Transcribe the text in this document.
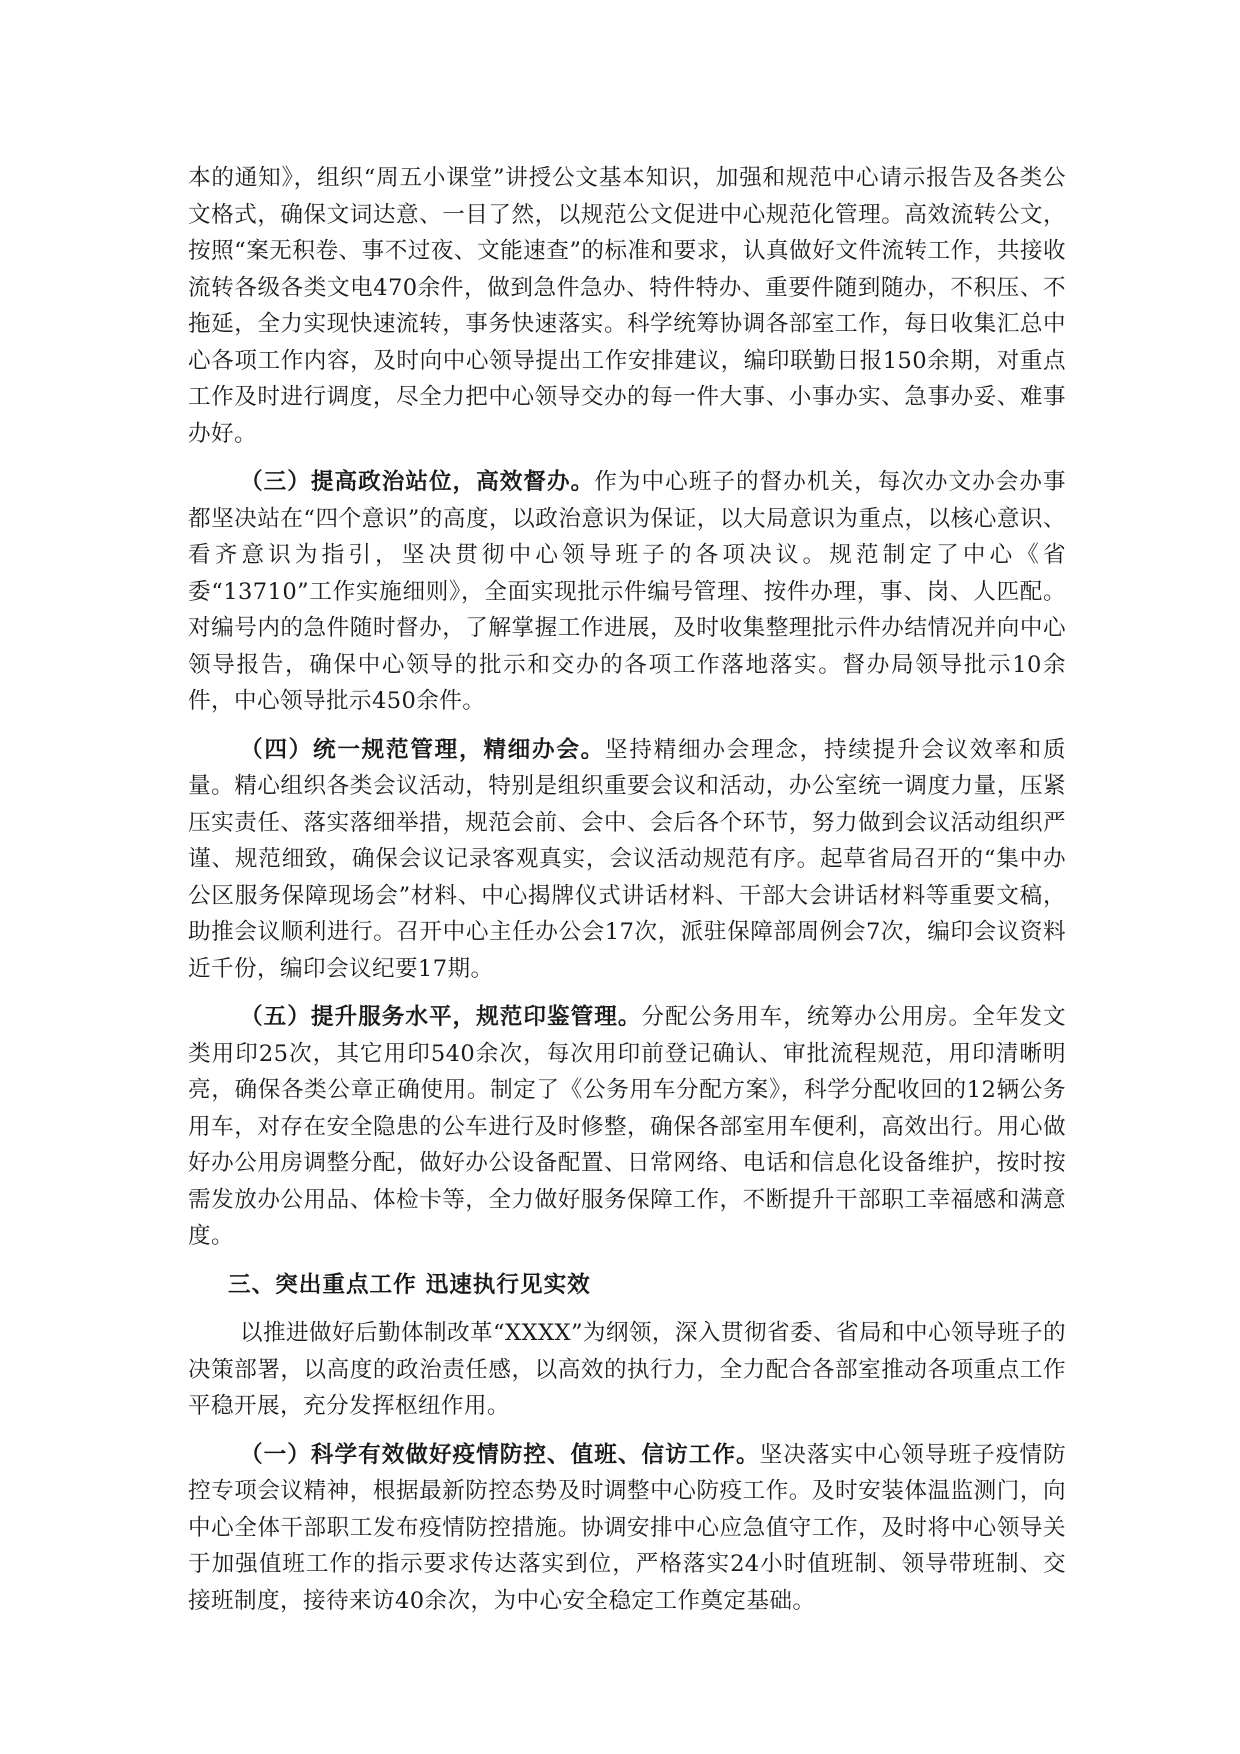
本的通知》，组织“周五小课堂”讲授公文基本知识，加强和规范中心请示报告及各类公文格式，确保文词达意、一目了然，以规范公文促进中心规范化管理。高效流转公文，按照“案无积卷、事不过夜、文能速查”的标准和要求，认真做好文件流转工作，共接收流转各级各类文电470余件，做到急件急办、特件特办、重要件随到随办，不积压、不拖延，全力实现快速流转，事务快速落实。科学统筹协调各部室工作，每日收集汇总中心各项工作内容，及时向中心领导提出工作安排建议，编印联勤日报150余期，对重点工作及时进行调度，尽全力把中心领导交办的每一件大事、小事办实、急事办妥、难事办好。

（三）提高政治站位，高效督办。作为中心班子的督办机关，每次办文办会办事都坚决站在“四个意识”的高度，以政治意识为保证，以大局意识为重点，以核心意识、看齐意识为指引，坚决贯彻中心领导班子的各项决议。规范制定了中心《省委“13710”工作实施细则》，全面实现批示件编号管理、按件办理，事、岗、人匹配。对编号内的急件随时督办，了解掌握工作进展，及时收集整理批示件办结情况并向中心领导报告，确保中心领导的批示和交办的各项工作落地落实。督办局领导批示10余件，中心领导批示450余件。

（四）统一规范管理，精细办会。坚持精细办会理念，持续提升会议效率和质量。精心组织各类会议活动，特别是组织重要会议和活动，办公室统一调度力量，压紧压实责任、落实落细举措，规范会前、会中、会后各个环节，努力做到会议活动组织严谨、规范细致，确保会议记录客观真实，会议活动规范有序。起草省局召开的“集中办公区服务保障现场会”材料、中心揭牌仪式讲话材料、干部大会讲话材料等重要文稿，助推会议顺利进行。召开中心主任办公会17次，派驻保障部周例会7次，编印会议资料近千份，编印会议纪要17期。

（五）提升服务水平，规范印鉴管理。分配公务用车，统筹办公用房。全年发文类用印25次，其它用印540余次，每次用印前登记确认、审批流程规范，用印清晰明亮，确保各类公章正确使用。制定了《公务用车分配方案》，科学分配收回的12辆公务用车，对存在安全隐患的公车进行及时修整，确保各部室用车便利，高效出行。用心做好办公用房调整分配，做好办公设备配置、日常网络、电话和信息化设备维护，按时按需发放办公用品、体检卡等，全力做好服务保障工作，不断提升干部职工幸福感和满意度。

三、突出重点工作 迅速执行见实效

以推进做好后勤体制改革“XXXX”为纲领，深入贯彻省委、省局和中心领导班子的决策部署，以高度的政治责任感，以高效的执行力，全力配合各部室推动各项重点工作平稳开展，充分发挥枢纽作用。

（一）科学有效做好疫情防控、值班、信访工作。坚决落实中心领导班子疫情防控专项会议精神，根据最新防控态势及时调整中心防疫工作。及时安装体温监测门，向中心全体干部职工发布疫情防控措施。协调安排中心应急值守工作，及时将中心领导关于加强值班工作的指示要求传达落实到位，严格落实24小时值班制、领导带班制、交接班制度，接待来访40余次，为中心安全稳定工作奠定基础。
